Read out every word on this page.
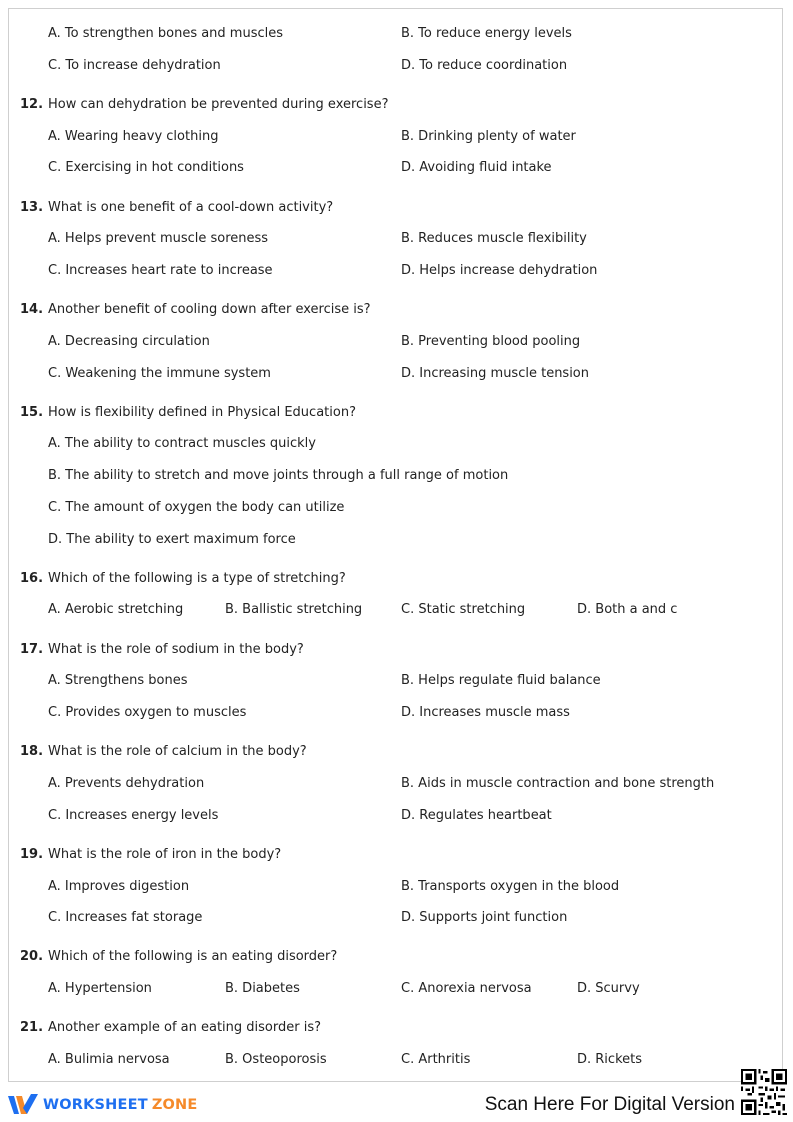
A. To strengthen bones and muscles	B. To reduce energy levels
C. To increase dehydration	D. To reduce coordination
12. How can dehydration be prevented during exercise?
A. Wearing heavy clothing	B. Drinking plenty of water
C. Exercising in hot conditions	D. Avoiding fluid intake
13. What is one benefit of a cool-down activity?
A. Helps prevent muscle soreness	B. Reduces muscle flexibility
C. Increases heart rate to increase	D. Helps increase dehydration
14. Another benefit of cooling down after exercise is?
A. Decreasing circulation	B. Preventing blood pooling
C. Weakening the immune system	D. Increasing muscle tension
15. How is flexibility defined in Physical Education?
A. The ability to contract muscles quickly
B. The ability to stretch and move joints through a full range of motion
C. The amount of oxygen the body can utilize
D. The ability to exert maximum force
16. Which of the following is a type of stretching?
A. Aerobic stretching	B. Ballistic stretching	C. Static stretching	D. Both a and c
17. What is the role of sodium in the body?
A. Strengthens bones	B. Helps regulate fluid balance
C. Provides oxygen to muscles	D. Increases muscle mass
18. What is the role of calcium in the body?
A. Prevents dehydration	B. Aids in muscle contraction and bone strength
C. Increases energy levels	D. Regulates heartbeat
19. What is the role of iron in the body?
A. Improves digestion	B. Transports oxygen in the blood
C. Increases fat storage	D. Supports joint function
20. Which of the following is an eating disorder?
A. Hypertension	B. Diabetes	C. Anorexia nervosa	D. Scurvy
21. Another example of an eating disorder is?
A. Bulimia nervosa	B. Osteoporosis	C. Arthritis	D. Rickets
WORKSHEET ZONE	Scan Here For Digital Version
